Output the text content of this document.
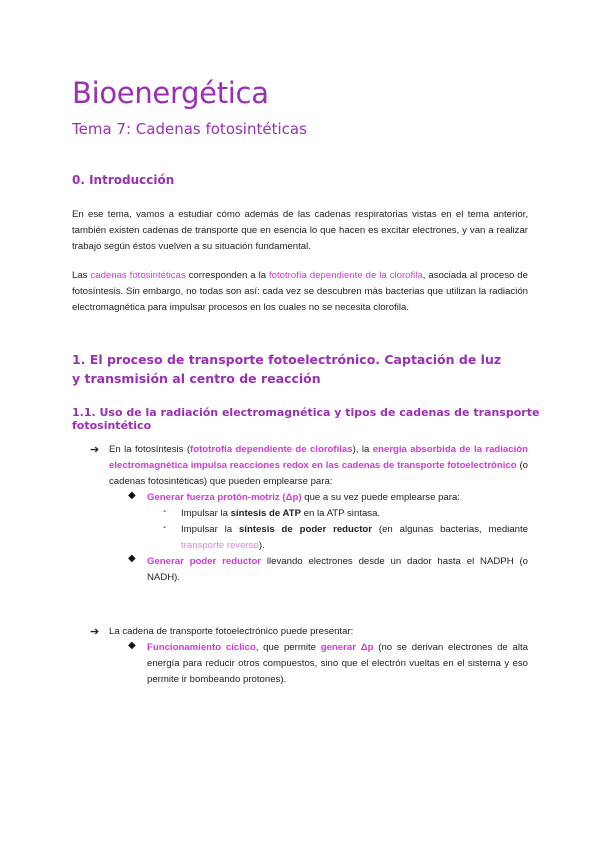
Bioenergética
Tema 7: Cadenas fotosintéticas
0. Introducción

En ese tema, vamos a estudiar cómo además de las cadenas respiratorias vistas en el tema anterior, también existen cadenas de transporte que en esencia lo que hacen es excitar electrones, y van a realizar trabajo según éstos vuelven a su situación fundamental.

Las cadenas fotosintéticas corresponden a la fototrofía dependiente de la clorofila, asociada al proceso de fotosíntesis. Sin embargo, no todas son así: cada vez se descubren más bacterias que utilizan la radiación electromagnética para impulsar procesos en los cuales no se necesita clorofila.

1. El proceso de transporte fotoelectrónico. Captación de luz y transmisión al centro de reacción
1.1. Uso de la radiación electromagnética y tipos de cadenas de transporte fotosintético
➔ En la fotosíntesis (fototrofía dependiente de clorofilas), la energía absorbida de la radiación electromagnética impulsa reacciones redox en las cadenas de transporte fotoelectrónico (o cadenas fotosintéticas) que pueden emplearse para:

◆ Generar fuerza protón-motriz (Δp) que a su vez puede emplearse para:

- Impulsar la síntesis de ATP en la ATP sintasa.

- Impulsar la síntesis de poder reductor (en algunas bacterias, mediante transporte reverso).

◆ Generar poder reductor llevando electrones desde un dador hasta el NADPH (o NADH).

➔ La cadena de transporte fotoelectrónico puede presentar:

◆ Funcionamiento cíclico, que permite generar Δp (no se derivan electrones de alta energía para reducir otros compuestos, sino que el electrón vueltas en el sistema y eso permite ir bombeando protones).
